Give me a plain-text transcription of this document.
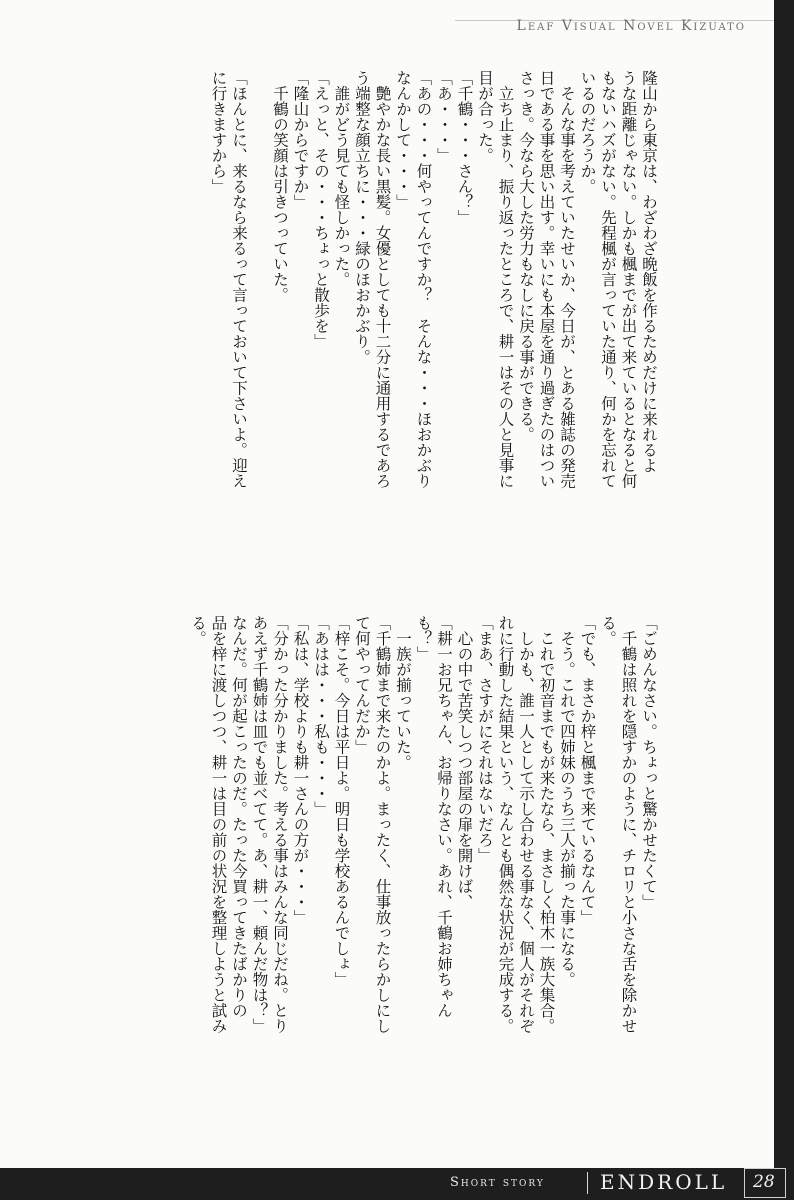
Leaf Visual Novel Kizuato

隆山から東京は、わざわざ晩飯を作るためだけに来れるよ

うな距離じゃない。しかも楓までが出て来ているとなると何

もないハズがない。先程楓が言っていた通り、何かを忘れて

いるのだろうか。

　そんな事を考えていたせいか、今日が、とある雑誌の発売

日である事を思い出す。幸いにも本屋を通り過ぎたのはつい

さっき。今なら大した労力もなしに戻る事ができる。

　立ち止まり、振り返ったところで、耕一はその人と見事に

目が合った。

「千鶴・・・さん？」

「あ・・・」

「あの・・・何やってんですか？　そんな・・・ほおかぶり

なんかして・・・」

　艶やかな長い黒髪。女優としても十二分に通用するであろ

う端整な顔立ちに・・・緑のほおかぶり。

　誰がどう見ても怪しかった。

「えっと、その・・・ちょっと散歩を」

「隆山からですか」

　千鶴の笑顔は引きつっていた。

「ほんとに、来るなら来るって言っておいて下さいよ。迎え

に行きますから」

「ごめんなさい。ちょっと驚かせたくて」

　千鶴は照れを隠すかのように、チロリと小さな舌を除かせ

る。

「でも、まさか梓と楓まで来ているなんて」

　そう。これで四姉妹のうち三人が揃った事になる。

　これで初音までもが来たなら、まさしく柏木一族大集合。

　しかも、誰一人として示し合わせる事なく、個人がそれぞ

れに行動した結果という、なんとも偶然な状況が完成する。

「まあ、さすがにそれはないだろ」

　心の中で苦笑しつつ部屋の扉を開けば、

「耕一お兄ちゃん、お帰りなさい。あれ、千鶴お姉ちゃん

も？」

　一族が揃っていた。

「千鶴姉まで来たのかよ。まったく、仕事放ったらかしにし

て何やってんだか」

「梓こそ。今日は平日よ。明日も学校あるんでしょ」

「あはは・・・私も・・・」

「私は、学校よりも耕一さんの方が・・・」

「分かった分かりました。考える事はみんな同じだね。とり

あえず千鶴姉は皿でも並べてて。あ、耕一、頼んだ物は？」

なんだ。何が起こったのだ。たった今買ってきたばかりの

品を梓に渡しつつ、耕一は目の前の状況を整理しようと試み

る。

Short story	ENDROLL 28
